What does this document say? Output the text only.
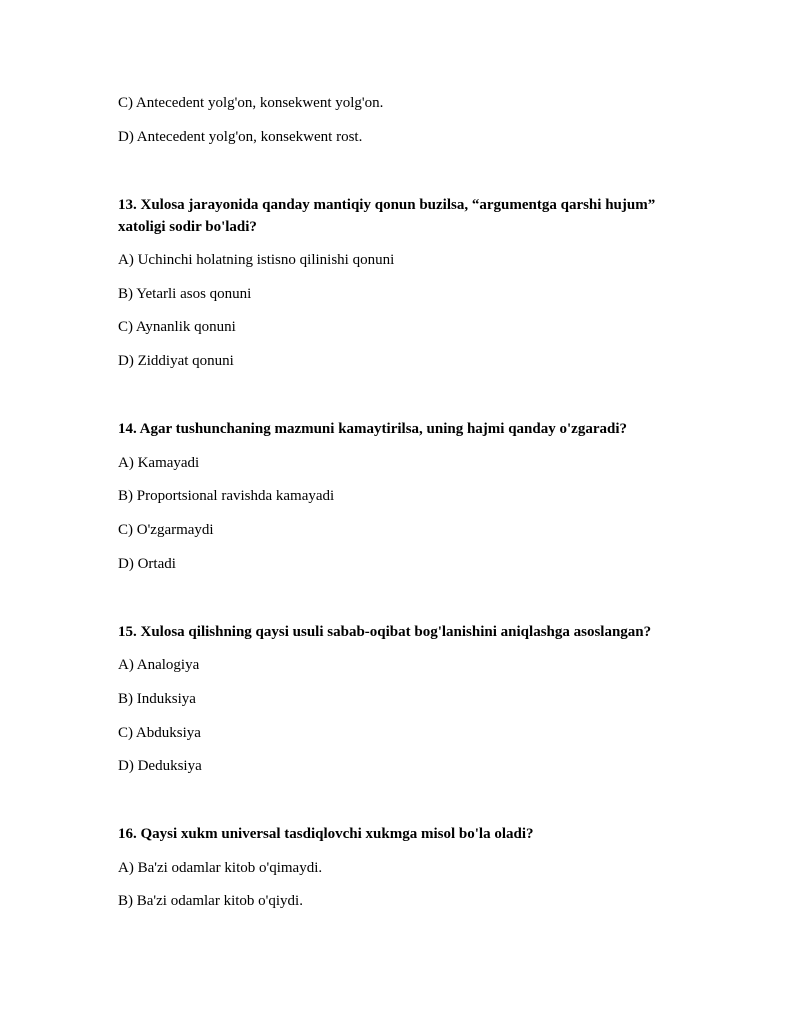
C) Antecedent yolg'on, konsekwent yolg'on.
D) Antecedent yolg'on, konsekwent rost.
13. Xulosa jarayonida qanday mantiqiy qonun buzilsa, “argumentga qarshi hujum”
xatoligi sodir bo'ladi?
A) Uchinchi holatning istisno qilinishi qonuni
B) Yetarli asos qonuni
C) Aynanlik qonuni
D) Ziddiyat qonuni
14. Agar tushunchaning mazmuni kamaytirilsa, uning hajmi qanday o'zgaradi?
A) Kamayadi
B) Proportsional ravishda kamayadi
C) O'zgarmaydi
D) Ortadi
15. Xulosa qilishning qaysi usuli sabab-oqibat bog'lanishini aniqlashga asoslangan?
A) Analogiya
B) Induksiya
C) Abduksiya
D) Deduksiya
16. Qaysi xukm universal tasdiqlovchi xukmga misol bo'la oladi?
A) Ba'zi odamlar kitob o'qimaydi.
B) Ba'zi odamlar kitob o'qiydi.
